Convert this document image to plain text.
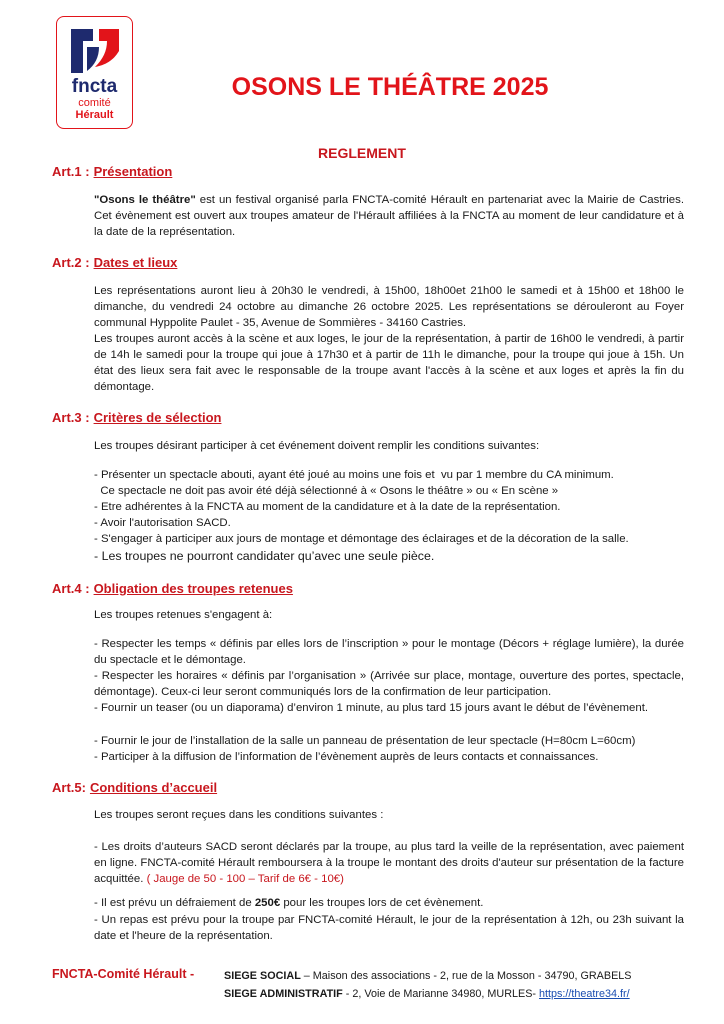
fncta
comité
Hérault
OSONS LE THÉÂTRE 2025
REGLEMENT
Art.1 : Présentation
"Osons le théâtre" est un festival organisé parla FNCTA-comité Hérault en partenariat avec la Mairie de Castries. Cet évènement est ouvert aux troupes amateur de l'Hérault affiliées à la FNCTA au moment de leur candidature et à la date de la représentation.
Art.2 : Dates et lieux
Les représentations auront lieu à 20h30 le vendredi, à 15h00, 18h00et 21h00 le samedi et à 15h00 et 18h00 le dimanche, du vendredi 24 octobre au dimanche 26 octobre 2025. Les représentations se dérouleront au Foyer communal Hyppolite Paulet - 35, Avenue de Sommières - 34160 Castries.
Les troupes auront accès à la scène et aux loges, le jour de la représentation, à partir de 16h00 le vendredi, à partir de 14h le samedi pour la troupe qui joue à 17h30 et à partir de 11h le dimanche, pour la troupe qui joue à 15h. Un état des lieux sera fait avec le responsable de la troupe avant l'accès à la scène et aux loges et après la fin du démontage.
Art.3 : Critères de sélection
Les troupes désirant participer à cet événement doivent remplir les conditions suivantes:
- Présenter un spectacle abouti, ayant été joué au moins une fois et  vu par 1 membre du CA minimum.
Ce spectacle ne doit pas avoir été déjà sélectionné à « Osons le théâtre » ou « En scène »
- Etre adhérentes à la FNCTA au moment de la candidature et à la date de la représentation.
- Avoir l'autorisation SACD.
- S'engager à participer aux jours de montage et démontage des éclairages et de la décoration de la salle.
- Les troupes ne pourront candidater qu’avec une seule pièce.
Art.4 : Obligation des troupes retenues
Les troupes retenues s'engagent à:
- Respecter les temps « définis par elles lors de l’inscription » pour le montage (Décors + réglage lumière), la durée du spectacle et le démontage.
- Respecter les horaires « définis par l’organisation » (Arrivée sur place, montage, ouverture des portes, spectacle, démontage). Ceux-ci leur seront communiqués lors de la confirmation de leur participation.
- Fournir un teaser (ou un diaporama) d’environ 1 minute, au plus tard 15 jours avant le début de l’évènement.
- Fournir le jour de l’installation de la salle un panneau de présentation de leur spectacle (H=80cm L=60cm)
- Participer à la diffusion de l’information de l’évènement auprès de leurs contacts et connaissances.
Art.5: Conditions d’accueil
Les troupes seront reçues dans les conditions suivantes :
- Les droits d’auteurs SACD seront déclarés par la troupe, au plus tard la veille de la représentation, avec paiement en ligne. FNCTA-comité Hérault remboursera à la troupe le montant des droits d'auteur sur présentation de la facture acquittée. ( Jauge de 50 - 100 – Tarif de 6€ - 10€)
- Il est prévu un défraiement de 250€ pour les troupes lors de cet évènement.
- Un repas est prévu pour la troupe par FNCTA-comité Hérault, le jour de la représentation à 12h, ou 23h suivant la date et l'heure de la représentation.
FNCTA-Comité Hérault -	SIEGE SOCIAL – Maison des associations - 2, rue de la Mosson - 34790, GRABELS
SIEGE ADMINISTRATIF - 2, Voie de Marianne 34980, MURLES- https://theatre34.fr/
